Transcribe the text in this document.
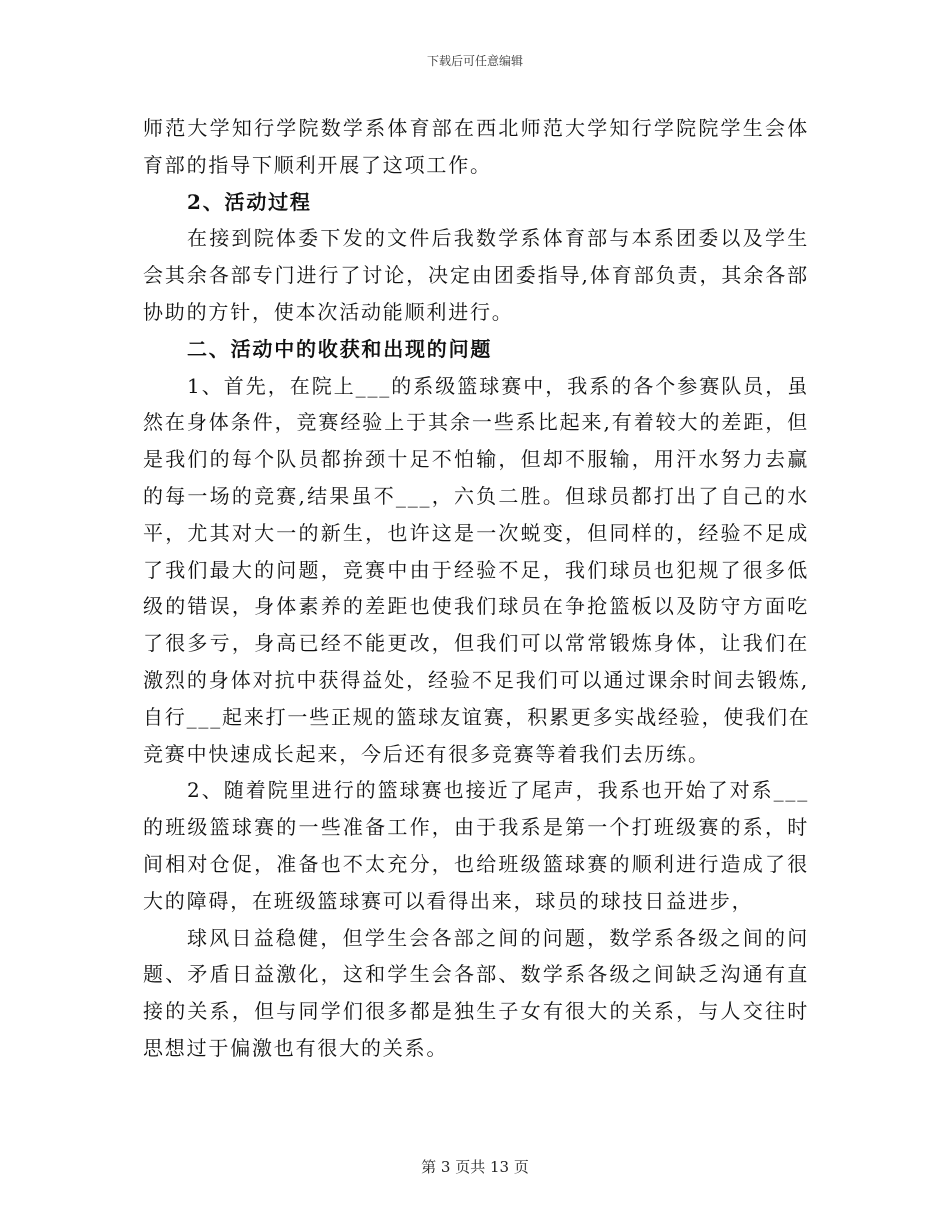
下载后可任意编辑
师范大学知行学院数学系体育部在西北师范大学知行学院院学生会体
育部的指导下顺利开展了这项工作。
2、活动过程
在接到院体委下发的文件后我数学系体育部与本系团委以及学生
会其余各部专门进行了讨论，决定由团委指导,体育部负责，其余各部
协助的方针，使本次活动能顺利进行。
二、活动中的收获和出现的问题
1、首先，在院上___的系级篮球赛中，我系的各个参赛队员，虽
然在身体条件，竞赛经验上于其余一些系比起来,有着较大的差距，但
是我们的每个队员都拚颈十足不怕输，但却不服输，用汗水努力去赢
的每一场的竞赛,结果虽不___，六负二胜。但球员都打出了自己的水
平，尤其对大一的新生，也许这是一次蜕变，但同样的，经验不足成
了我们最大的问题，竞赛中由于经验不足，我们球员也犯规了很多低
级的错误，身体素养的差距也使我们球员在争抢篮板以及防守方面吃
了很多亏，身高已经不能更改，但我们可以常常锻炼身体，让我们在
激烈的身体对抗中获得益处，经验不足我们可以通过课余时间去锻炼,
自行___起来打一些正规的篮球友谊赛，积累更多实战经验，使我们在
竞赛中快速成长起来，今后还有很多竞赛等着我们去历练。
2、随着院里进行的篮球赛也接近了尾声，我系也开始了对系___
的班级篮球赛的一些准备工作，由于我系是第一个打班级赛的系，时
间相对仓促，准备也不太充分，也给班级篮球赛的顺利进行造成了很
大的障碍，在班级篮球赛可以看得出来，球员的球技日益进步，
球风日益稳健，但学生会各部之间的问题，数学系各级之间的问
题、矛盾日益激化，这和学生会各部、数学系各级之间缺乏沟通有直
接的关系，但与同学们很多都是独生子女有很大的关系，与人交往时
思想过于偏激也有很大的关系。
第 3 页共 13 页
